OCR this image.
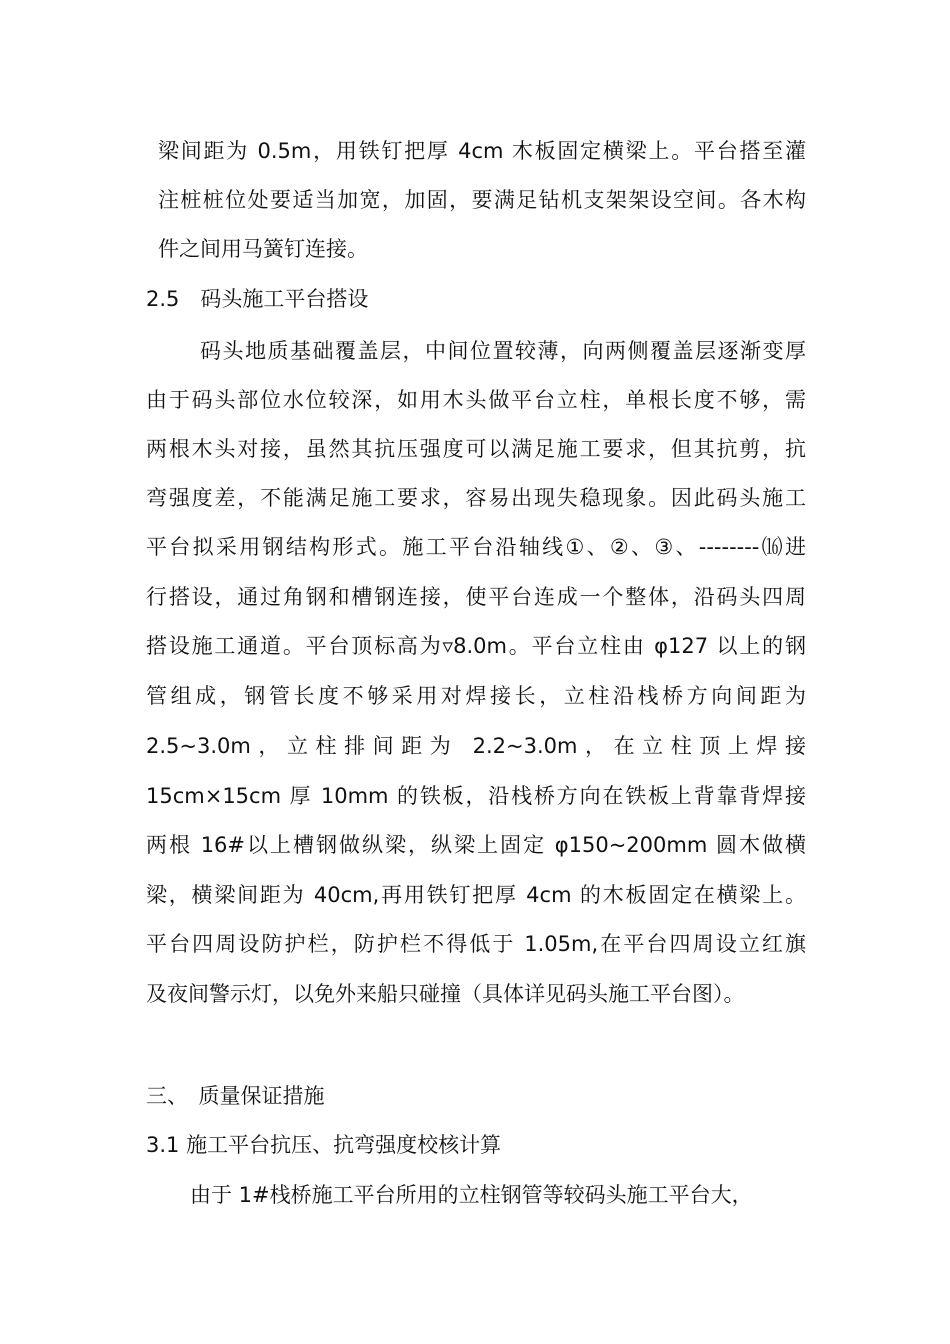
梁间距为 0.5m，用铁钉把厚 4cm 木板固定横梁上。平台搭至灌
注桩桩位处要适当加宽，加固，要满足钻机支架架设空间。各木构
件之间用马簧钉连接。
2.5　码头施工平台搭设
码头地质基础覆盖层，中间位置较薄，向两侧覆盖层逐渐变厚
由于码头部位水位较深，如用木头做平台立柱，单根长度不够，需
两根木头对接，虽然其抗压强度可以满足施工要求，但其抗剪，抗
弯强度差，不能满足施工要求，容易出现失稳现象。因此码头施工
平台拟采用钢结构形式。施工平台沿轴线①、②、③、--------⒃进
行搭设，通过角钢和槽钢连接，使平台连成一个整体，沿码头四周
搭设施工通道。平台顶标高为▿8.0m。平台立柱由 φ127 以上的钢
管组成，钢管长度不够采用对焊接长，立柱沿栈桥方向间距为
2.5~3.0m，立柱排间距为 2.2~3.0m，在立柱顶上焊接
15cm×15cm 厚 10mm 的铁板，沿栈桥方向在铁板上背靠背焊接
两根 16#以上槽钢做纵梁，纵梁上固定 φ150~200mm 圆木做横
梁，横梁间距为 40cm,再用铁钉把厚 4cm 的木板固定在横梁上。
平台四周设防护栏，防护栏不得低于 1.05m,在平台四周设立红旗
及夜间警示灯，以免外来船只碰撞（具体详见码头施工平台图）。
三、　质量保证措施
3.1 施工平台抗压、抗弯强度校核计算
由于 1#栈桥施工平台所用的立柱钢管等较码头施工平台大，
